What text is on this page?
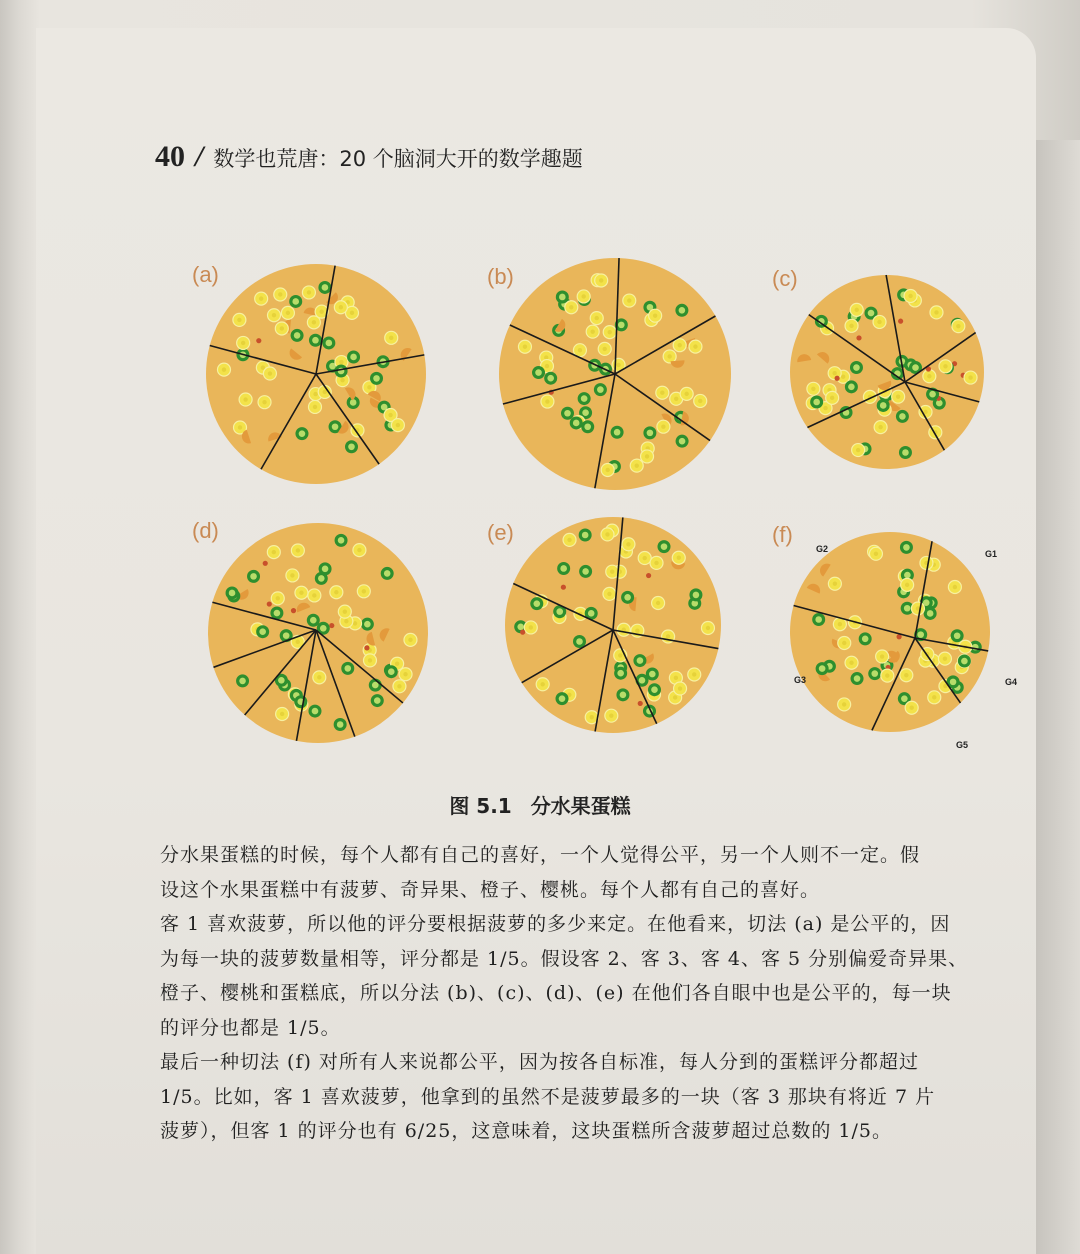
40 / 数学也荒唐：20 个脑洞大开的数学趣题
(a)	(b)	(c)
(d)	(e)	(f)
G2	G1
G3	G4
G5
图 5.1 分水果蛋糕

分水果蛋糕的时候，每个人都有自己的喜好，一个人觉得公平，另一个人则不一定。假

设这个水果蛋糕中有菠萝、奇异果、橙子、樱桃。每个人都有自己的喜好。

客 1 喜欢菠萝，所以他的评分要根据菠萝的多少来定。在他看来，切法 (a) 是公平的，因

为每一块的菠萝数量相等，评分都是 1/5。假设客 2、客 3、客 4、客 5 分别偏爱奇异果、

橙子、樱桃和蛋糕底，所以分法 (b)、(c)、(d)、(e) 在他们各自眼中也是公平的，每一块

的评分也都是 1/5。

最后一种切法 (f) 对所有人来说都公平，因为按各自标准，每人分到的蛋糕评分都超过

1/5。比如，客 1 喜欢菠萝，他拿到的虽然不是菠萝最多的一块（客 3 那块有将近 7 片

菠萝），但客 1 的评分也有 6/25，这意味着，这块蛋糕所含菠萝超过总数的 1/5。
